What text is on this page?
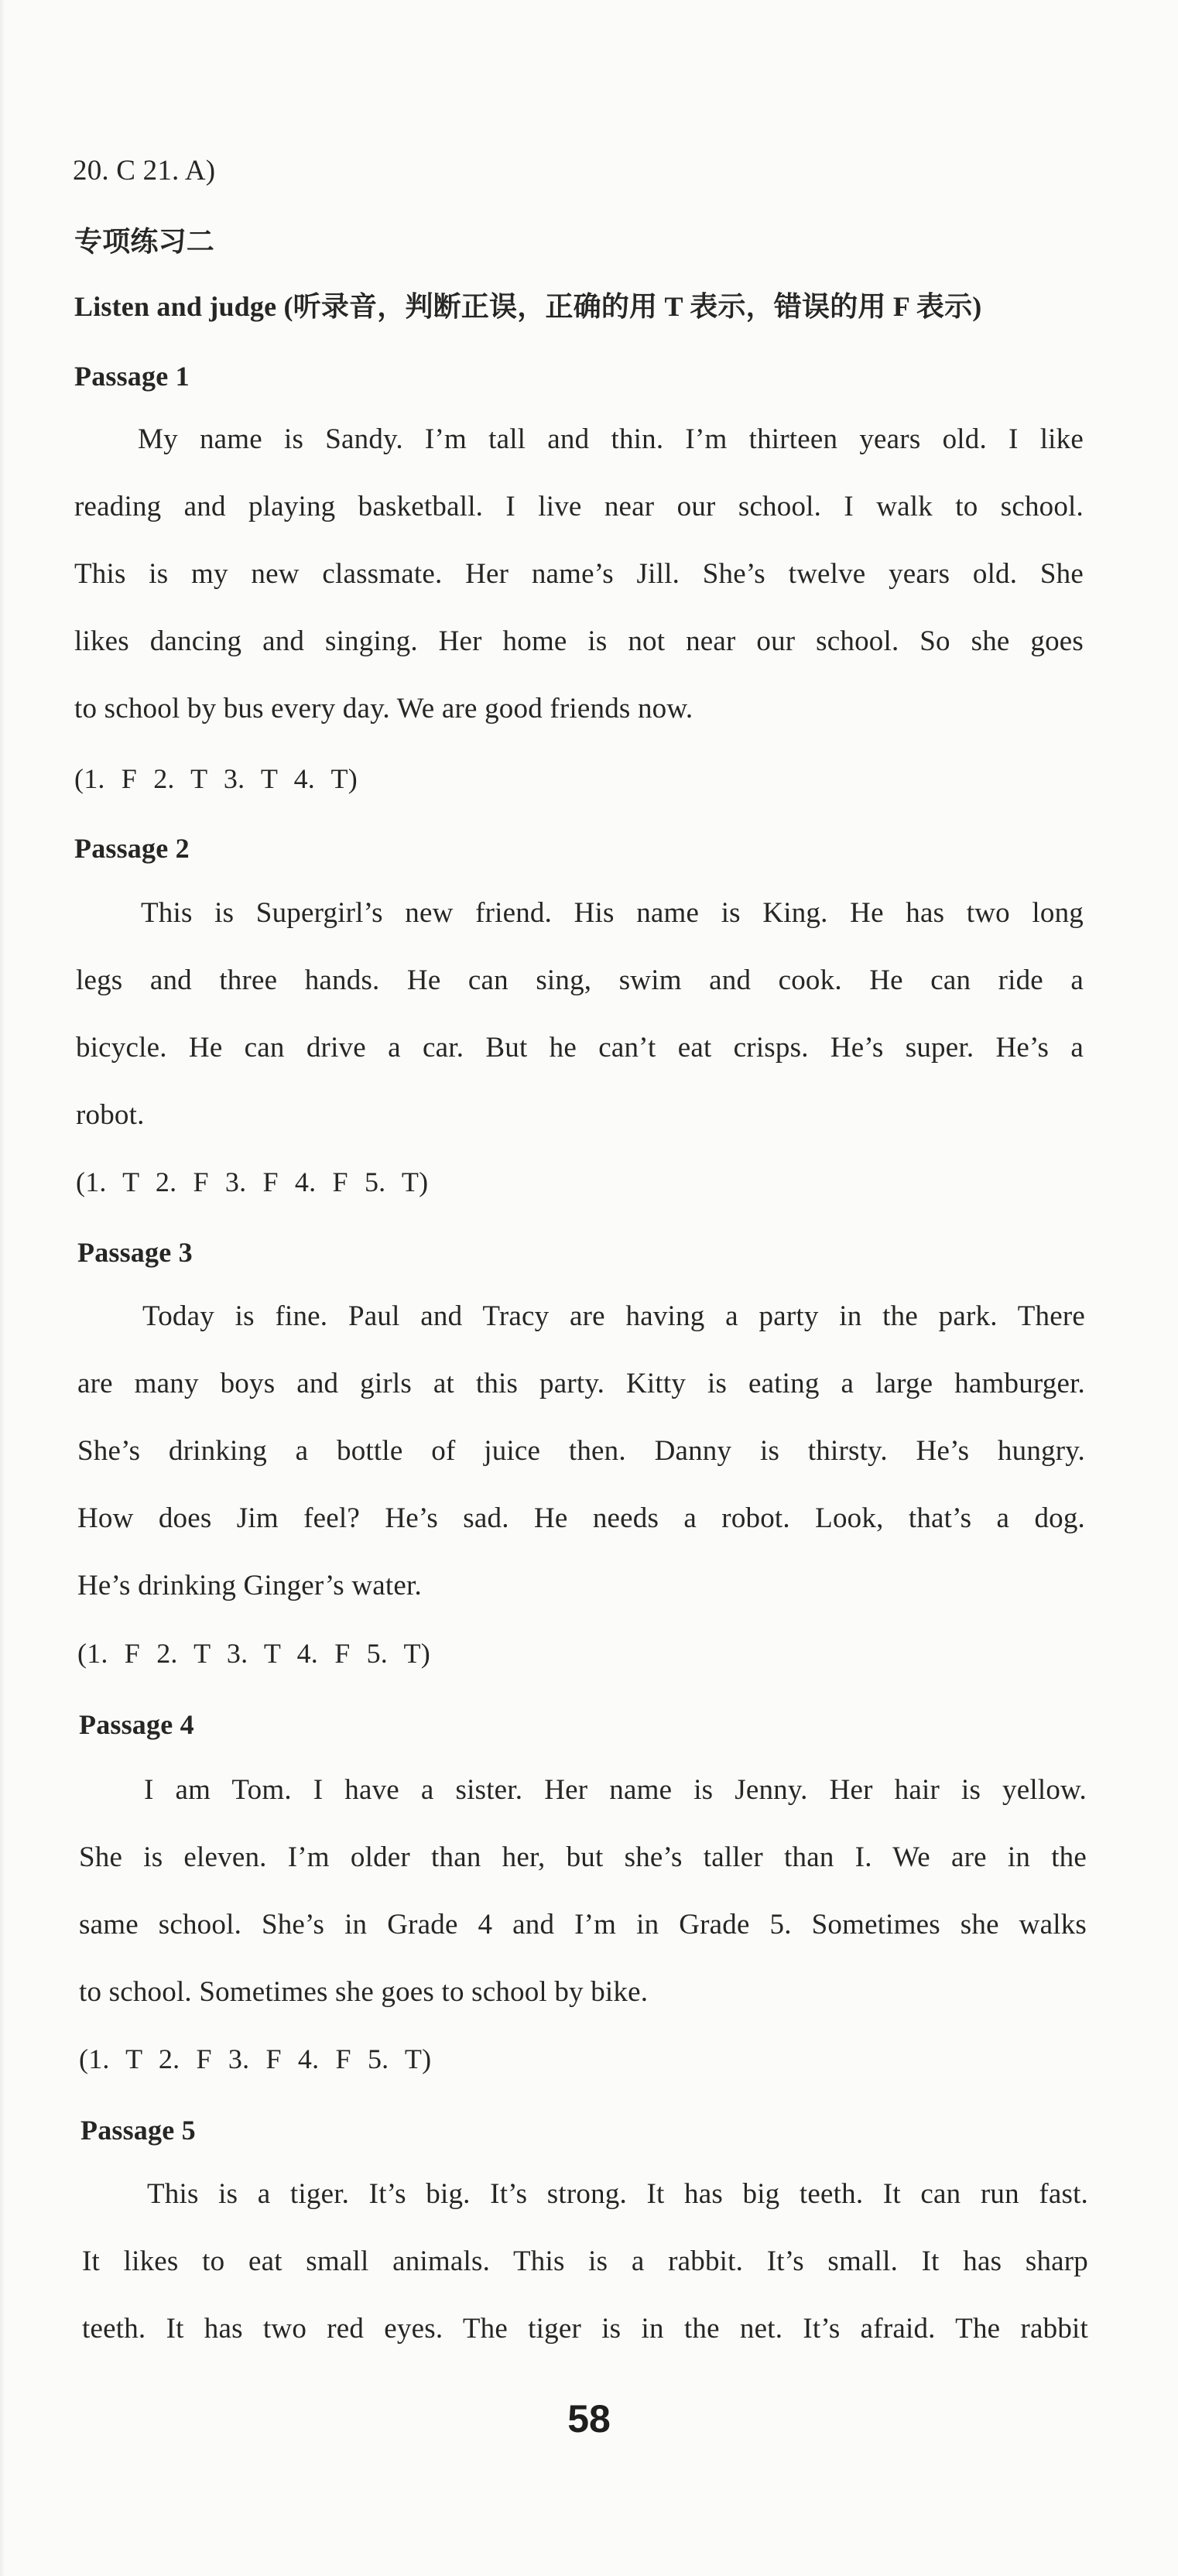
20. C 21. A)
专项练习二
Listen and judge (听录音，判断正误，正确的用 T 表示，错误的用 F 表示)
Passage 1
My name is Sandy. I’m tall and thin. I’m thirteen years old. I like
reading and playing basketball. I live near our school. I walk to school.
This is my new classmate. Her name’s Jill. She’s twelve years old. She
likes dancing and singing. Her home is not near our school. So she goes
to school by bus every day. We are good friends now.
(1. F 2. T 3. T 4. T)
Passage 2
This is Supergirl’s new friend. His name is King. He has two long
legs and three hands. He can sing, swim and cook. He can ride a
bicycle. He can drive a car. But he can’t eat crisps. He’s super. He’s a
robot.
(1. T 2. F 3. F 4. F 5. T)
Passage 3
Today is fine. Paul and Tracy are having a party in the park. There
are many boys and girls at this party. Kitty is eating a large hamburger.
She’s drinking a bottle of juice then. Danny is thirsty. He’s hungry.
How does Jim feel? He’s sad. He needs a robot. Look, that’s a dog.
He’s drinking Ginger’s water.
(1. F 2. T 3. T 4. F 5. T)
Passage 4
I am Tom. I have a sister. Her name is Jenny. Her hair is yellow.
She is eleven. I’m older than her, but she’s taller than I. We are in the
same school. She’s in Grade 4 and I’m in Grade 5. Sometimes she walks
to school. Sometimes she goes to school by bike.
(1. T 2. F 3. F 4. F 5. T)
Passage 5
This is a tiger. It’s big. It’s strong. It has big teeth. It can run fast.
It likes to eat small animals. This is a rabbit. It’s small. It has sharp
teeth. It has two red eyes. The tiger is in the net. It’s afraid. The rabbit
58
